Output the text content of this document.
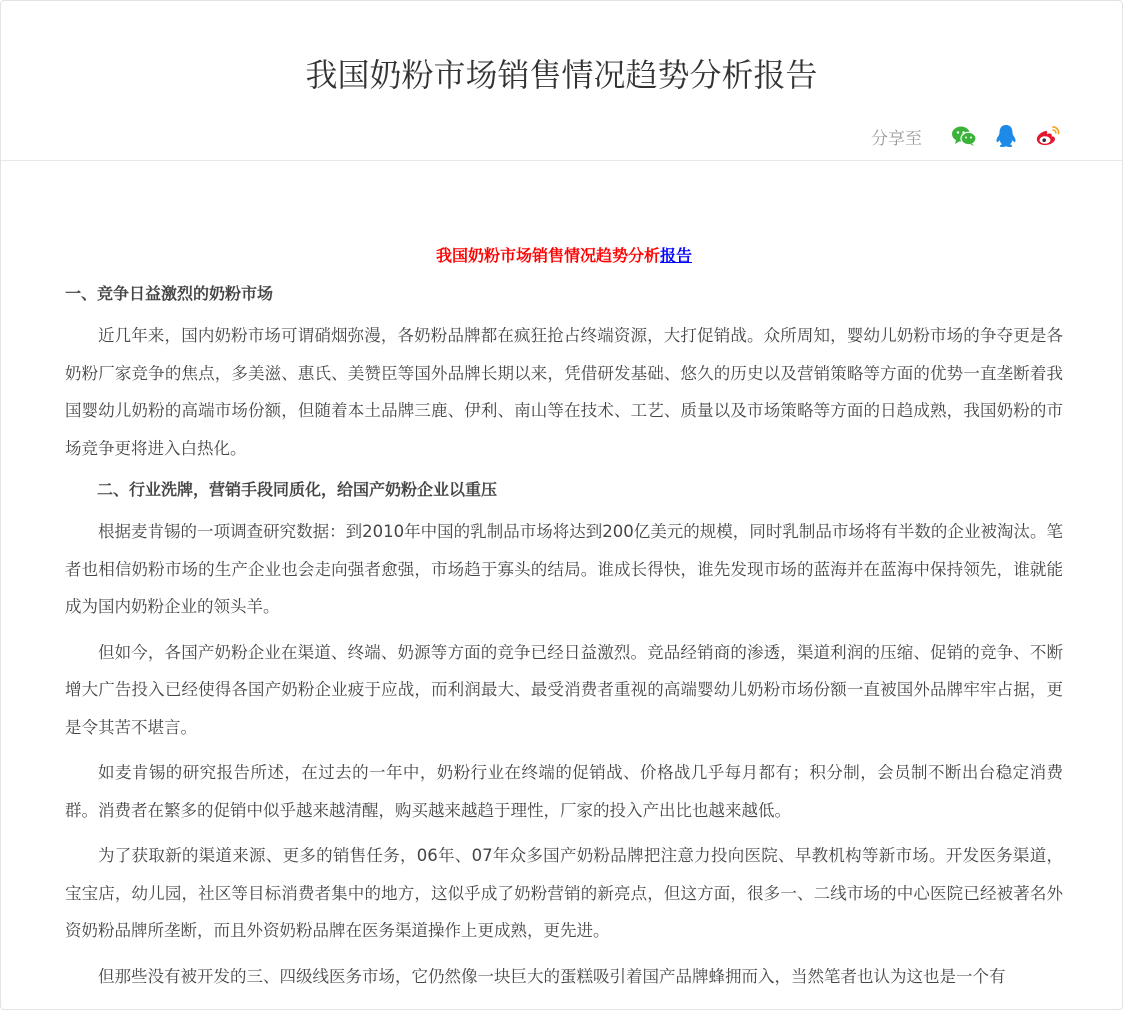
我国奶粉市场销售情况趋势分析报告
分享至

我国奶粉市场销售情况趋势分析报告

一、竞争日益激烈的奶粉市场

近几年来，国内奶粉市场可谓硝烟弥漫，各奶粉品牌都在疯狂抢占终端资源，大打促销战。众所周知，婴幼儿奶粉市场的争夺更是各奶粉厂家竞争的焦点，多美滋、惠氏、美赞臣等国外品牌长期以来，凭借研发基础、悠久的历史以及营销策略等方面的优势一直垄断着我国婴幼儿奶粉的高端市场份额，但随着本土品牌三鹿、伊利、南山等在技术、工艺、质量以及市场策略等方面的日趋成熟，我国奶粉的市场竞争更将进入白热化。

二、行业洗牌，营销手段同质化，给国产奶粉企业以重压

根据麦肯锡的一项调查研究数据：到2010年中国的乳制品市场将达到200亿美元的规模，同时乳制品市场将有半数的企业被淘汰。笔者也相信奶粉市场的生产企业也会走向强者愈强，市场趋于寡头的结局。谁成长得快，谁先发现市场的蓝海并在蓝海中保持领先，谁就能成为国内奶粉企业的领头羊。

但如今，各国产奶粉企业在渠道、终端、奶源等方面的竞争已经日益激烈。竞品经销商的渗透，渠道利润的压缩、促销的竞争、不断增大广告投入已经使得各国产奶粉企业疲于应战，而利润最大、最受消费者重视的高端婴幼儿奶粉市场份额一直被国外品牌牢牢占据，更是令其苦不堪言。

如麦肯锡的研究报告所述，在过去的一年中，奶粉行业在终端的促销战、价格战几乎每月都有；积分制，会员制不断出台稳定消费群。消费者在繁多的促销中似乎越来越清醒，购买越来越趋于理性，厂家的投入产出比也越来越低。

为了获取新的渠道来源、更多的销售任务，06年、07年众多国产奶粉品牌把注意力投向医院、早教机构等新市场。开发医务渠道，宝宝店，幼儿园，社区等目标消费者集中的地方，这似乎成了奶粉营销的新亮点，但这方面，很多一、二线市场的中心医院已经被著名外资奶粉品牌所垄断，而且外资奶粉品牌在医务渠道操作上更成熟，更先进。

但那些没有被开发的三、四级线医务市场，它仍然像一块巨大的蛋糕吸引着国产品牌蜂拥而入，当然笔者也认为这也是一个有
